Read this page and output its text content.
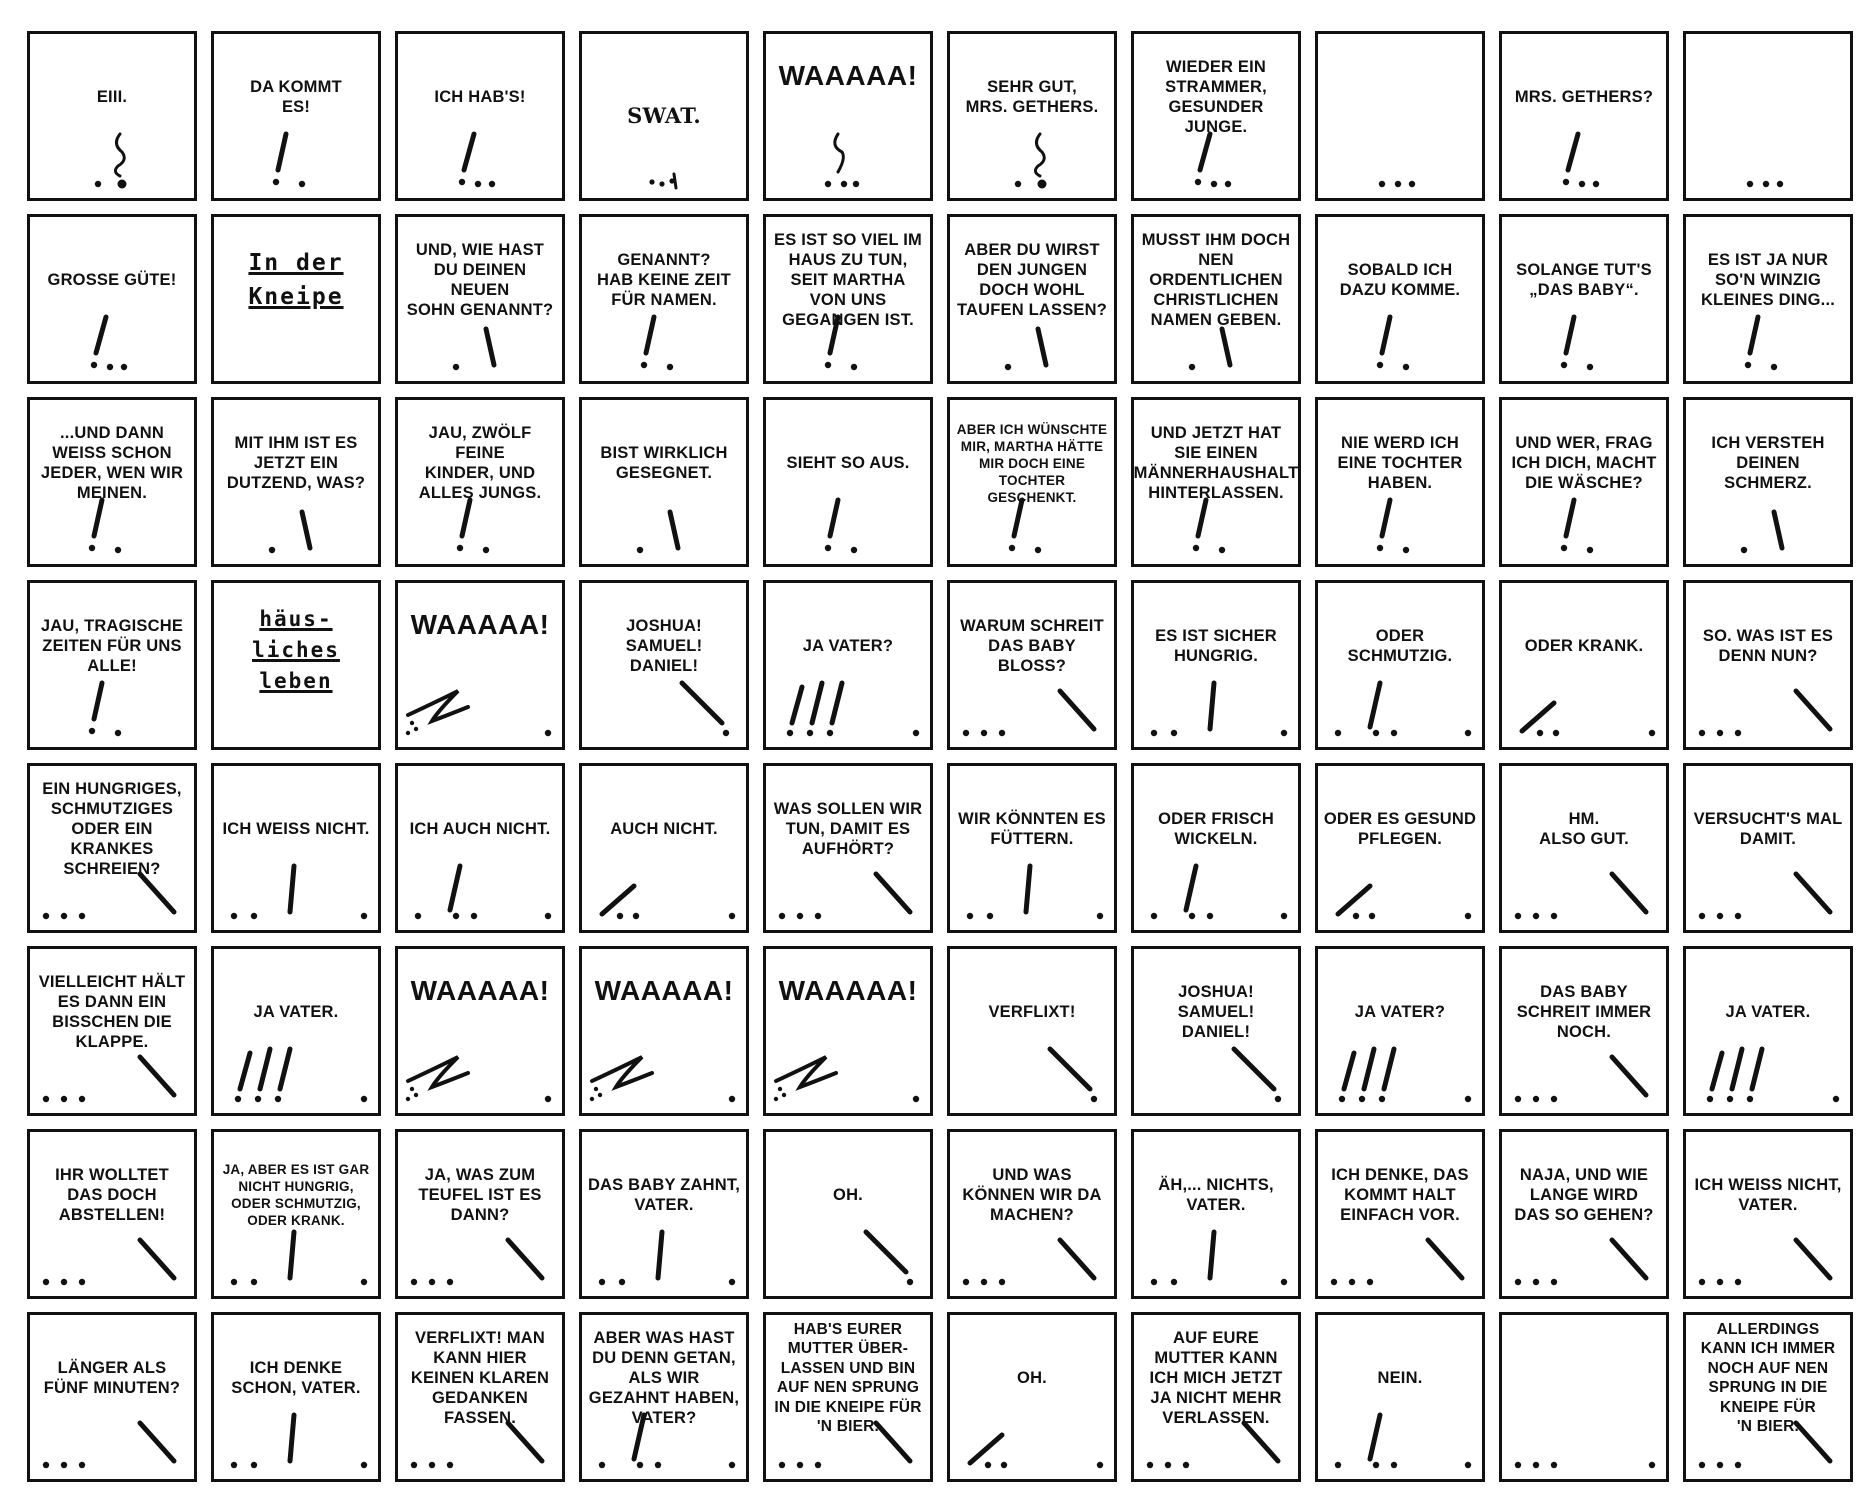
EIII.
DA KOMMT
ES!
ICH HAB'S!
SWAT.
WAAAAA!	SEHR GUT,
MRS. GETHERS.
WIEDER EIN
STRAMMER,
GESUNDER
JUNGE.
MRS. GETHERS?
GROSSE GÜTE!
In der
Kneipe
UND, WIE HAST
DU DEINEN NEUEN
SOHN GENANNT?
GENANNT?
HAB KEINE ZEIT
FÜR NAMEN.
ES IST SO VIEL IM
HAUS ZU TUN,
SEIT MARTHA
VON UNS
GEGANGEN IST.
ABER DU WIRST
DEN JUNGEN
DOCH WOHL
TAUFEN LASSEN?
MUSST IHM DOCH
NEN
ORDENTLICHEN
CHRISTLICHEN
NAMEN GEBEN.
SOBALD ICH
DAZU KOMME.
SOLANGE TUT'S
„DAS BABY“.
ES IST JA NUR
SO'N WINZIG
KLEINES DING...
...UND DANN
WEISS SCHON
JEDER, WEN WIR
MEINEN.
MIT IHM IST ES
JETZT EIN
DUTZEND, WAS?
JAU, ZWÖLF FEINE
KINDER, UND
ALLES JUNGS.
BIST WIRKLICH
GESEGNET.
SIEHT SO AUS.
ABER ICH WÜNSCHTE
MIR, MARTHA HÄTTE
MIR DOCH EINE
TOCHTER
GESCHENKT.
UND JETZT HAT
SIE EINEN
MÄNNERHAUSHALT
HINTERLASSEN.
NIE WERD ICH
EINE TOCHTER
HABEN.
UND WER, FRAG
ICH DICH, MACHT
DIE WÄSCHE?
ICH VERSTEH
DEINEN SCHMERZ.
JAU, TRAGISCHE
ZEITEN FÜR UNS
ALLE!
häus-
liches
leben
WAAAAA!	JOSHUA!
SAMUEL!
DANIEL!
JA VATER?
WARUM SCHREIT
DAS BABY
BLOSS?
ES IST SICHER
HUNGRIG.
ODER
SCHMUTZIG.
ODER KRANK.
SO. WAS IST ES
DENN NUN?
EIN HUNGRIGES,
SCHMUTZIGES
ODER EIN
KRANKES
SCHREIEN?
ICH WEISS NICHT.	ICH AUCH NICHT.	AUCH NICHT.
WAS SOLLEN WIR
TUN, DAMIT ES
AUFHÖRT?
WIR KÖNNTEN ES
FÜTTERN.
ODER FRISCH
WICKELN.
ODER ES GESUND
PFLEGEN.
HM.
ALSO GUT.
VERSUCHT'S MAL
DAMIT.
VIELLEICHT HÄLT
ES DANN EIN
BISSCHEN DIE
KLAPPE.
JA VATER.
WAAAAA! WAAAAA! WAAAAA!
VERFLIXT!
JOSHUA!
SAMUEL!
DANIEL!
JA VATER?
DAS BABY
SCHREIT IMMER
NOCH.
JA VATER.
IHR WOLLTET
DAS DOCH
ABSTELLEN!
JA, ABER ES IST GAR
NICHT HUNGRIG,
ODER SCHMUTZIG,
ODER KRANK.
JA, WAS ZUM
TEUFEL IST ES
DANN?
DAS BABY ZAHNT,
VATER.
OH.
UND WAS
KÖNNEN WIR DA
MACHEN?
ÄH,... NICHTS,
VATER.
ICH DENKE, DAS
KOMMT HALT
EINFACH VOR.
NAJA, UND WIE
LANGE WIRD
DAS SO GEHEN?
ICH WEISS NICHT,
VATER.
LÄNGER ALS
FÜNF MINUTEN?
ICH DENKE
SCHON, VATER.
VERFLIXT! MAN
KANN HIER
KEINEN KLAREN
GEDANKEN
FASSEN.
ABER WAS HAST
DU DENN GETAN,
ALS WIR
GEZAHNT HABEN,
VATER?
HAB'S EURER
MUTTER ÜBER-
LASSEN UND BIN
AUF NEN SPRUNG
IN DIE KNEIPE FÜR
'N BIER.
OH.
AUF EURE
MUTTER KANN
ICH MICH JETZT
JA NICHT MEHR
VERLASSEN.
NEIN.
ALLERDINGS
KANN ICH IMMER
NOCH AUF NEN
SPRUNG IN DIE
KNEIPE FÜR
'N BIER.
